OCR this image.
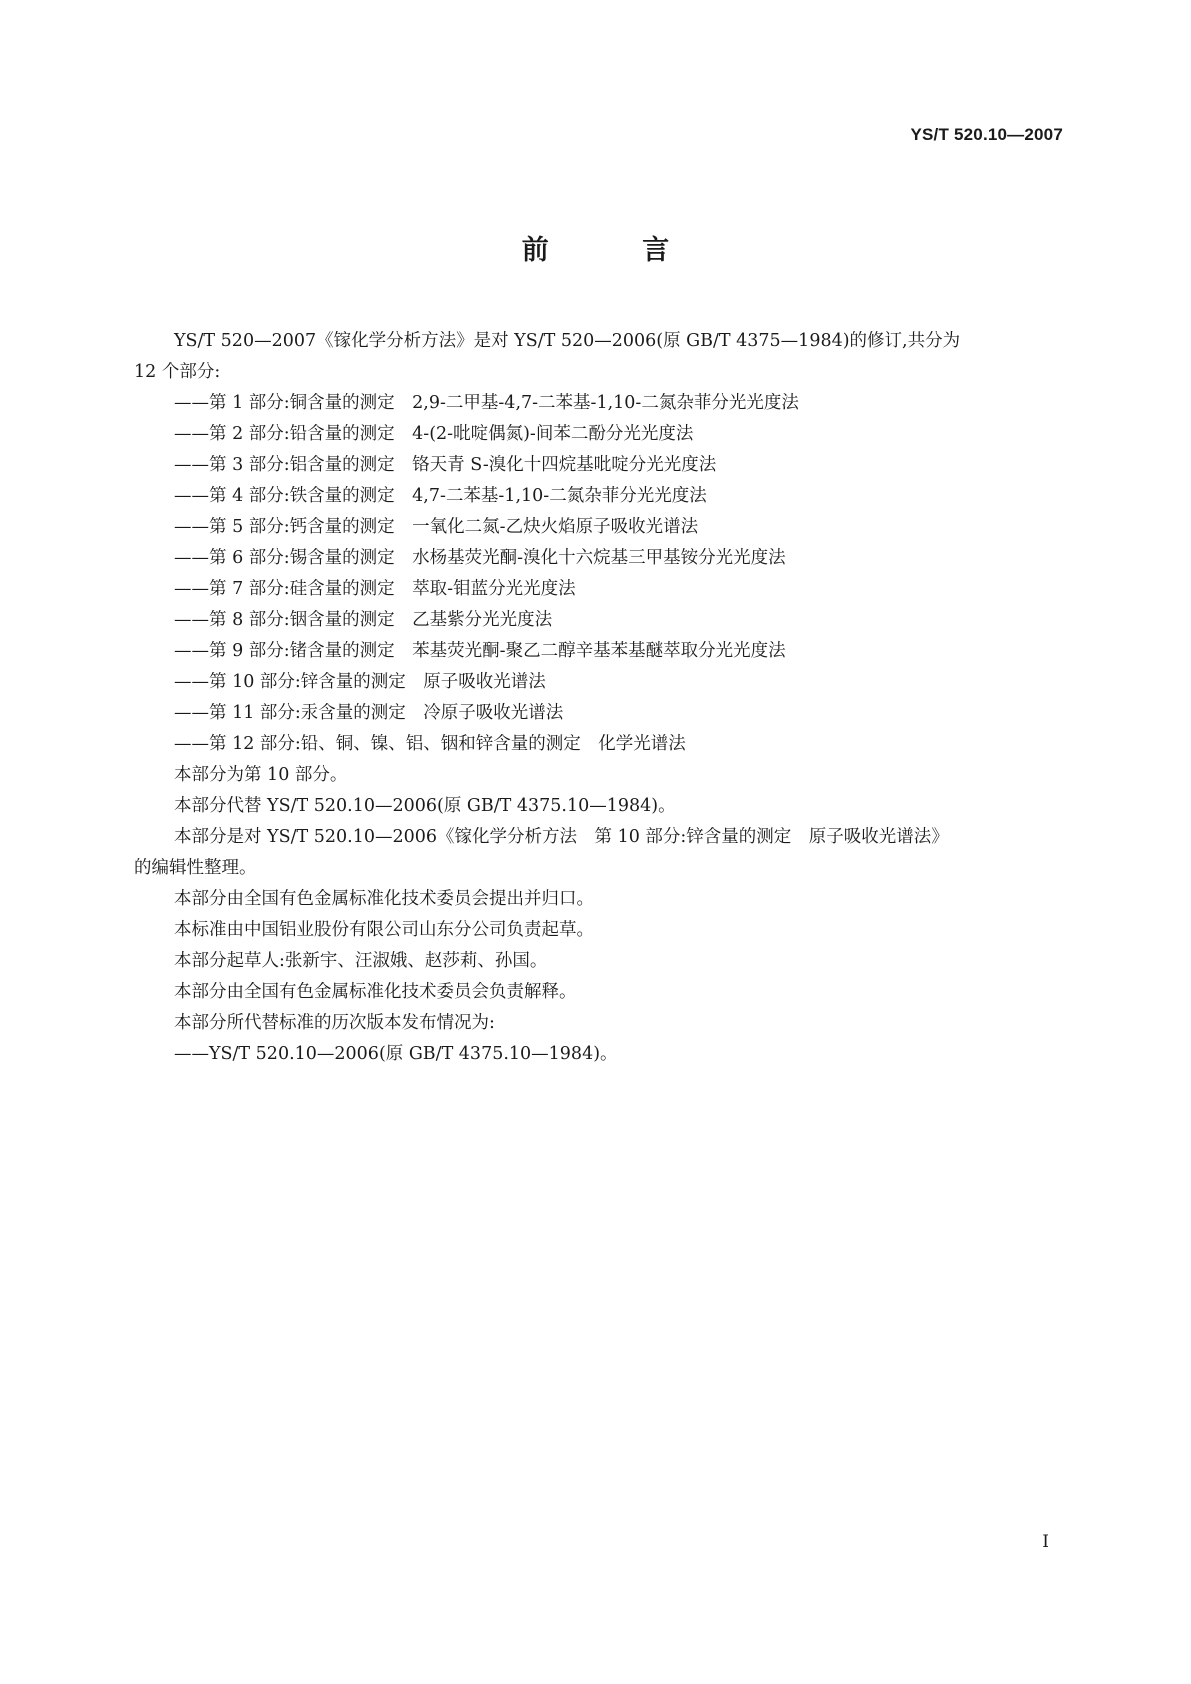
YS/T 520.10—2007
前 言

YS/T 520—2007《镓化学分析方法》是对 YS/T 520—2006(原 GB/T 4375—1984)的修订,共分为

12 个部分:

——第 1 部分:铜含量的测定　2,9-二甲基-4,7-二苯基-1,10-二氮杂菲分光光度法

——第 2 部分:铅含量的测定　4-(2-吡啶偶氮)-间苯二酚分光光度法

——第 3 部分:铝含量的测定　铬天青 S-溴化十四烷基吡啶分光光度法

——第 4 部分:铁含量的测定　4,7-二苯基-1,10-二氮杂菲分光光度法

——第 5 部分:钙含量的测定　一氧化二氮-乙炔火焰原子吸收光谱法

——第 6 部分:锡含量的测定　水杨基荧光酮-溴化十六烷基三甲基铵分光光度法

——第 7 部分:硅含量的测定　萃取-钼蓝分光光度法

——第 8 部分:铟含量的测定　乙基紫分光光度法

——第 9 部分:锗含量的测定　苯基荧光酮-聚乙二醇辛基苯基醚萃取分光光度法

——第 10 部分:锌含量的测定　原子吸收光谱法

——第 11 部分:汞含量的测定　冷原子吸收光谱法

——第 12 部分:铅、铜、镍、铝、铟和锌含量的测定　化学光谱法

本部分为第 10 部分。

本部分代替 YS/T 520.10—2006(原 GB/T 4375.10—1984)。

本部分是对 YS/T 520.10—2006《镓化学分析方法　第 10 部分:锌含量的测定　原子吸收光谱法》

的编辑性整理。

本部分由全国有色金属标准化技术委员会提出并归口。

本标准由中国铝业股份有限公司山东分公司负责起草。

本部分起草人:张新宇、汪淑娥、赵莎莉、孙国。

本部分由全国有色金属标准化技术委员会负责解释。

本部分所代替标准的历次版本发布情况为:

——YS/T 520.10—2006(原 GB/T 4375.10—1984)。

I
